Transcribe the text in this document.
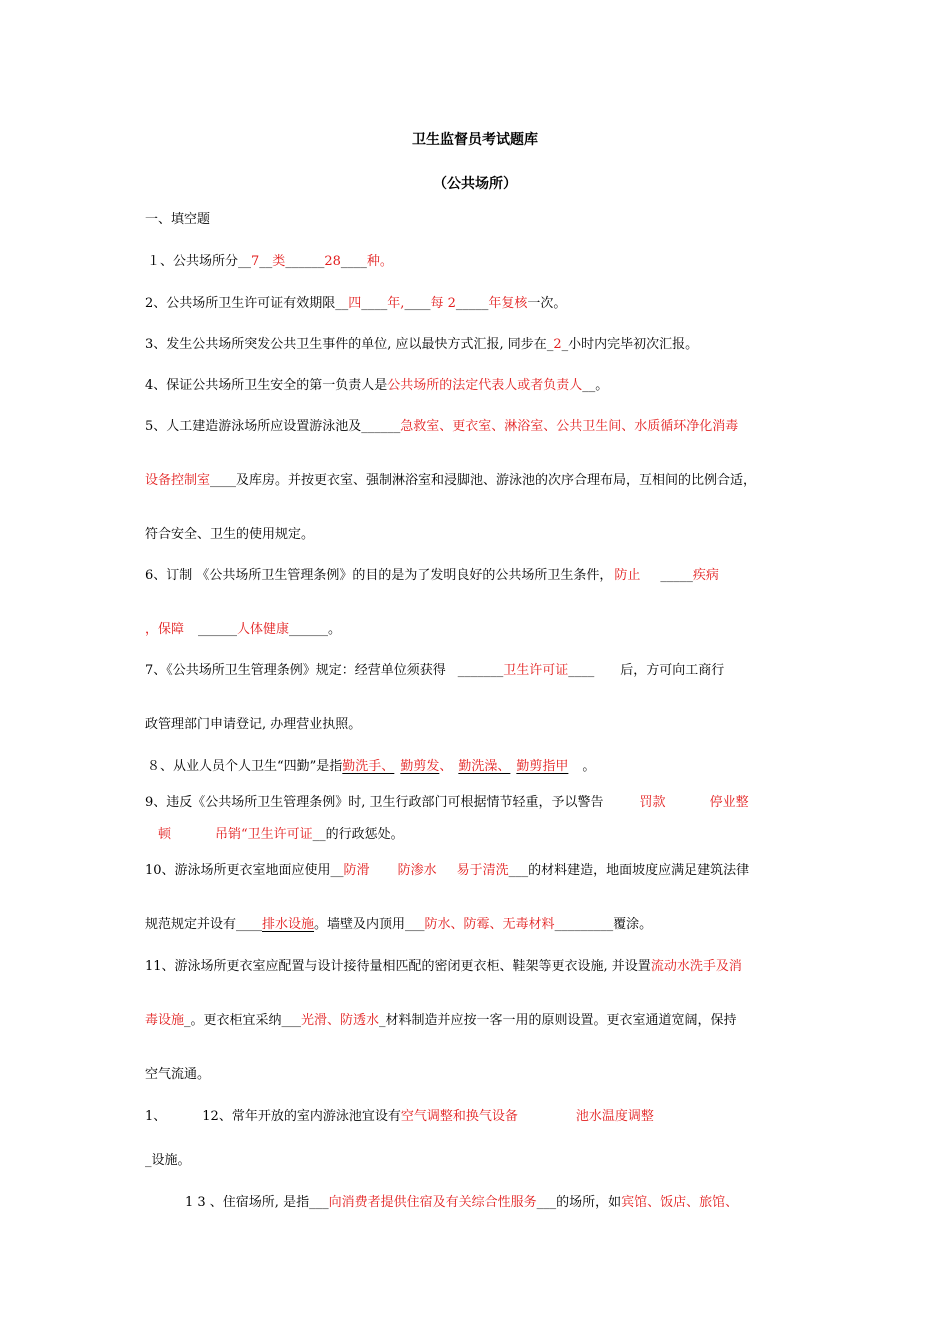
卫生监督员考试题库
（公共场所）
一、填空题
１、公共场所分__7__类______28____种。
2、公共场所卫生许可证有效期限__四____年,____每 2_____年复核一次。
3、发生公共场所突发公共卫生事件的单位, 应以最快方式汇报, 同步在_2_小时内完毕初次汇报。
4、保证公共场所卫生安全的第一负责人是公共场所的法定代表人或者负责人__。
5、人工建造游泳场所应设置游泳池及______急救室、更衣室、淋浴室、公共卫生间、水质循环净化消毒
设备控制室____及库房。并按更衣室、强制淋浴室和浸脚池、游泳池的次序合理布局，互相间的比例合适，
符合安全、卫生的使用规定。
6、订制 《公共场所卫生管理条例》的目的是为了发明良好的公共场所卫生条件， 防止 _____疾病
，保障 ______人体健康______。
7、《公共场所卫生管理条例》规定：经营单位须获得 _______卫生许可证____ 后，方可向工商行
政管理部门申请登记, 办理营业执照。
８、从业人员个人卫生“四勤”是指勤洗手、 勤剪发、 勤洗澡、 勤剪指甲 。
9、违反《公共场所卫生管理条例》时, 卫生行政部门可根据情节轻重，予以警告	罚款	停业整
顿	吊销“卫生许可证__的行政惩处。
10、游泳场所更衣室地面应使用__防滑 防渗水 易于清洗___的材料建造，地面坡度应满足建筑法律
规范规定并设有____排水设施。墙壁及内顶用___防水、防霉、无毒材料_________覆涂。
11、游泳场所更衣室应配置与设计接待量相匹配的密闭更衣柜、鞋架等更衣设施, 并设置流动水洗手及消
毒设施_。更衣柜宜采纳___光滑、防透水_材料制造并应按一客一用的原则设置。更衣室通道宽阔，保持
空气流通。
1、	12、常年开放的室内游泳池宜设有空气调整和换气设备	池水温度调整
_设施。
1 3 、住宿场所, 是指___向消费者提供住宿及有关综合性服务___的场所，如宾馆、饭店、旅馆、
